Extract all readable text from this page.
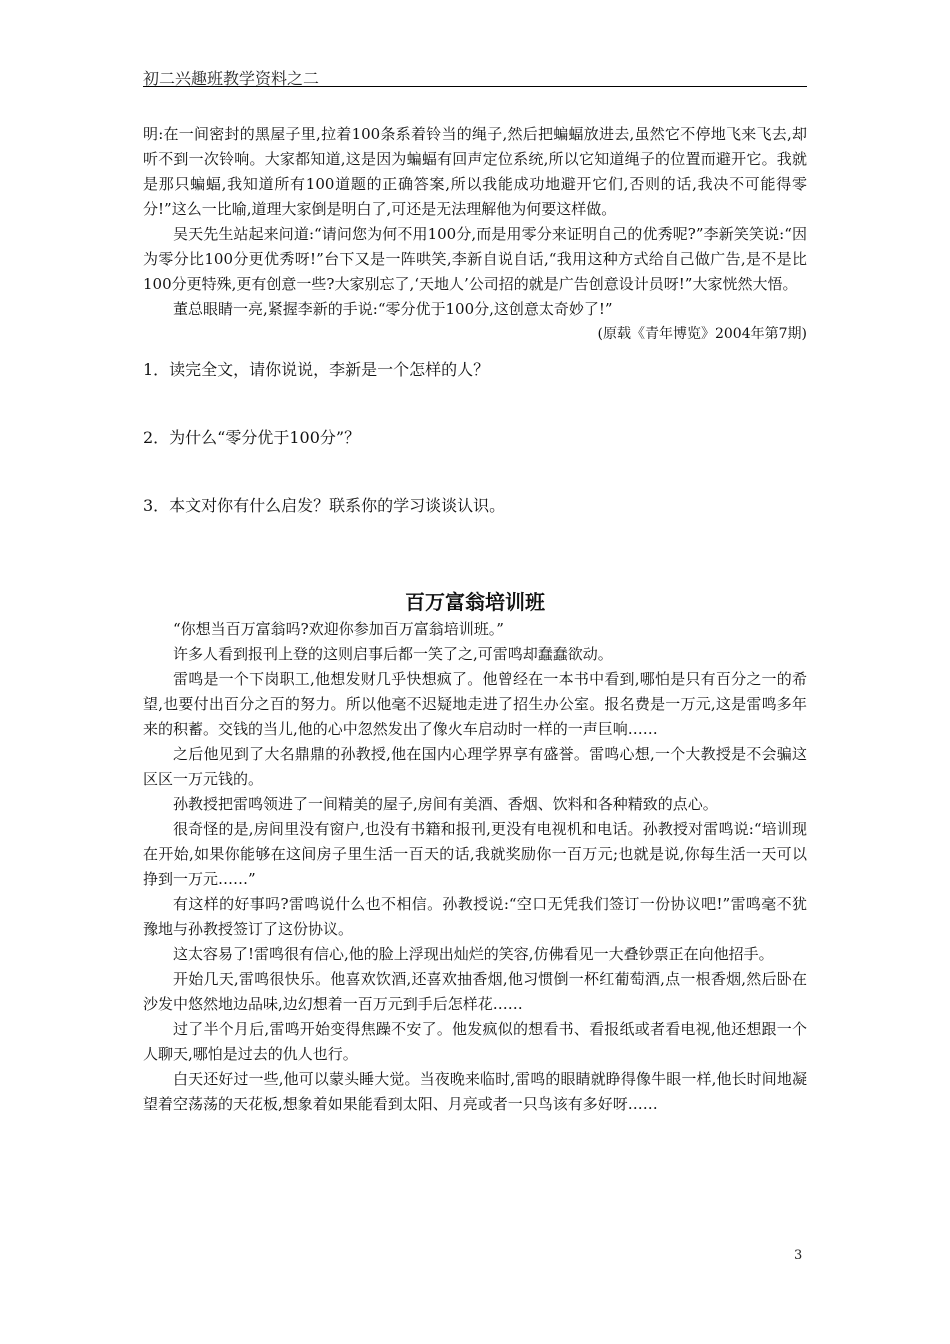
初二兴趣班教学资料之二

明:在一间密封的黑屋子里,拉着100条系着铃当的绳子,然后把蝙蝠放进去,虽然它不停地飞来飞去,却听不到一次铃响。大家都知道,这是因为蝙蝠有回声定位系统,所以它知道绳子的位置而避开它。我就是那只蝙蝠,我知道所有100道题的正确答案,所以我能成功地避开它们,否则的话,我决不可能得零分!”这么一比喻,道理大家倒是明白了,可还是无法理解他为何要这样做。

吴天先生站起来问道:“请问您为何不用100分,而是用零分来证明自己的优秀呢?”李新笑笑说:“因为零分比100分更优秀呀!”台下又是一阵哄笑,李新自说自话,“我用这种方式给自己做广告,是不是比100分更特殊,更有创意一些?大家别忘了,‘天地人’公司招的就是广告创意设计员呀!”大家恍然大悟。

董总眼睛一亮,紧握李新的手说:“零分优于100分,这创意太奇妙了!”

(原载《青年博览》2004年第7期)

1．读完全文，请你说说，李新是一个怎样的人？

2．为什么“零分优于100分”？

3．本文对你有什么启发？联系你的学习谈谈认识。

百万富翁培训班

“你想当百万富翁吗?欢迎你参加百万富翁培训班。”

许多人看到报刊上登的这则启事后都一笑了之,可雷鸣却蠢蠢欲动。

雷鸣是一个下岗职工,他想发财几乎快想疯了。他曾经在一本书中看到,哪怕是只有百分之一的希望,也要付出百分之百的努力。所以他毫不迟疑地走进了招生办公室。报名费是一万元,这是雷鸣多年来的积蓄。交钱的当儿,他的心中忽然发出了像火车启动时一样的一声巨响……

之后他见到了大名鼎鼎的孙教授,他在国内心理学界享有盛誉。雷鸣心想,一个大教授是不会骗这区区一万元钱的。

孙教授把雷鸣领进了一间精美的屋子,房间有美酒、香烟、饮料和各种精致的点心。

很奇怪的是,房间里没有窗户,也没有书籍和报刊,更没有电视机和电话。孙教授对雷鸣说:“培训现在开始,如果你能够在这间房子里生活一百天的话,我就奖励你一百万元;也就是说,你每生活一天可以挣到一万元……”

有这样的好事吗?雷鸣说什么也不相信。孙教授说:“空口无凭我们签订一份协议吧!”雷鸣毫不犹豫地与孙教授签订了这份协议。

这太容易了!雷鸣很有信心,他的脸上浮现出灿烂的笑容,仿佛看见一大叠钞票正在向他招手。

开始几天,雷鸣很快乐。他喜欢饮酒,还喜欢抽香烟,他习惯倒一杯红葡萄酒,点一根香烟,然后卧在沙发中悠然地边品味,边幻想着一百万元到手后怎样花……

过了半个月后,雷鸣开始变得焦躁不安了。他发疯似的想看书、看报纸或者看电视,他还想跟一个人聊天,哪怕是过去的仇人也行。

白天还好过一些,他可以蒙头睡大觉。当夜晚来临时,雷鸣的眼睛就睁得像牛眼一样,他长时间地凝望着空荡荡的天花板,想象着如果能看到太阳、月亮或者一只鸟该有多好呀……

3
